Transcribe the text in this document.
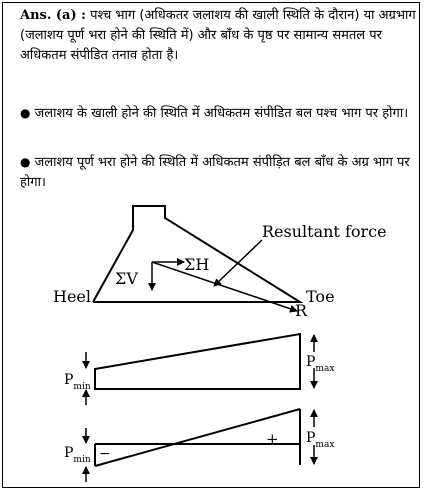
Ans. (a) : पश्च भाग (अधिकतर जलाशय की खाली स्थिति के दौरान) या अग्रभाग (जलाशय पूर्ण भरा होने की स्थिति में) और बाँध के पृष्ठ पर सामान्य समतल पर अधिकतम संपीडित तनाव होता है।
● जलाशय के खाली होने की स्थिति में अधिकतम संपीडित बल पश्च भाग पर होगा।
● जलाशय पूर्ण भरा होने की स्थिति में अधिकतम संपीड़ित बल बाँध के अग्र भाग पर होगा।
Resultant force
ΣV
ΣH
Heel	Toe
R
$P_{min}$
$P_{max}$
−
+
$P_{min}$
$P_{max}$
